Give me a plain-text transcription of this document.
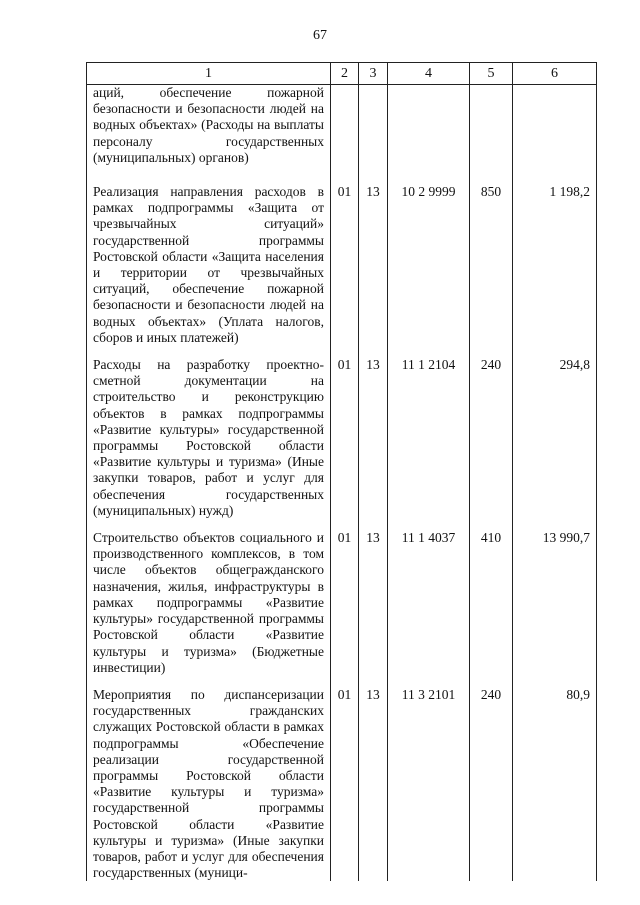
67
1	2	3	4	5	6
аций, обеспечение пожарной безопасности и безопасности людей на водных объектах» (Расходы на выплаты персоналу государственных (муниципальных) органов)					
Реализация направления расходов в рамках подпрограммы «Защита от чрезвычайных ситуаций» государственной программы Ростовской области «Защита населения и территории от чрезвычайных ситуаций, обеспечение пожарной безопасности и безопасности людей на водных объектах» (Уплата налогов, сборов и иных платежей)	01	13	10 2 9999	850	1 198,2
Расходы на разработку проектно-сметной документации на строительство и реконструкцию объектов в рамках подпрограммы «Развитие культуры» государственной программы Ростовской области «Развитие культуры и туризма» (Иные закупки товаров, работ и услуг для обеспечения государственных (муниципальных) нужд)	01	13	11 1 2104	240	294,8
Строительство объектов социального и производственного комплексов, в том числе объектов общегражданского назначения, жилья, инфраструктуры в рамках подпрограммы «Развитие культуры» государственной программы Ростовской области «Развитие культуры и туризма» (Бюджетные инвестиции)	01	13	11 1 4037	410	13 990,7
Мероприятия по диспансеризации государственных гражданских служащих Ростовской области в рамках подпрограммы «Обеспечение реализации государственной программы Ростовской области «Развитие культуры и туризма» государственной программы Ростовской области «Развитие культуры и туризма» (Иные закупки товаров, работ и услуг для обеспечения государственных (муници-	01	13	11 3 2101	240	80,9
